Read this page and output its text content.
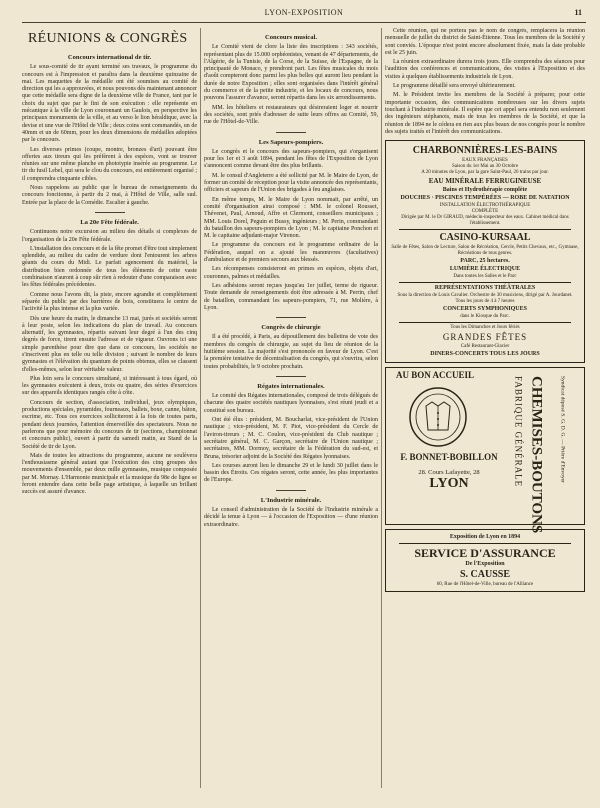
LYON-EXPOSITION	11
RÉUNIONS & CONGRÈS
Concours international de tir.

Le sous-comité de tir ayant terminé ses travaux, le programme du concours est à l'impression et paraîtra dans la deuxième quinzaine de mai. Les maquettes de la médaille ont été soumises au comité de direction qui les a approuvées, et nous pouvons dès maintenant annoncer que cette médaille sera digne de la deuxième ville de France, tant par le choix du sujet que par le fini de son exécution : elle représente en mécanique à la ville de Lyon couronnant un Gaulois, en perspective les principaux monuments de la ville, et au verso le lion héraldique, avec la devise et une vue de l'Hôtel de Ville ; deux coins sont commandés, un de 40mm et un de 60mm, pour les deux dimensions de médailles adoptées par le concours.

Les diverses primes (coupe, montre, bronzes d'art) pouvant être offertes aux tireurs qui les préfèrent à des espèces, vont se trouver réunies sur une même planche en phototypie insérée au programme. Le tir du fusil Lebel, qui sera le clou du concours, est entièrement organisé ; il comprendra cinquante cibles.

Nous rappelons au public que le bureau de renseignements du concours fonctionne, à partir du 2 mai, à l'Hôtel de Ville, salle sud. Entrée par la place de la Comédie. Escalier à gauche.

La 20e Fête fédérale.

Continuons notre excursion au milieu des détails si complexes de l'organisation de la 20e Fête fédérale.

L'installation des concours et de la fête promet d'être tout simplement splendide, au milieu du cadre de verdure dont l'entourent les arbres géants du cours du Midi. Le parfait agencement du matériel, la distribution bien ordonnée de tous les éléments de cette vaste combinaison n'auront à coup sûr rien à redouter d'une comparaison avec les fêtes fédérales précédentes.

Comme nous l'avons dit, la piste, encore agrandie et complètement séparée du public par des barrières de bois, constituera le centre de l'activité la plus intense et la plus variée.

Dès une heure du matin, le dimanche 13 mai, jurés et sociétés seront à leur poste, selon les indications du plan de travail. Au concours alternatif, les gymnastes, répartis suivant leur degré à l'un des cinq degrés de force, tirent ensuite l'adresse et de vigueur. Ouvrons ici une simple parenthèse pour dire que dans ce concours, les sociétés ne s'inscrivent plus en telle ou telle division ; suivant le nombre de leurs gymnastes et l'élévation du quantum de points obtenus, elles se classent d'elles-mêmes, selon leur véritable valeur.

Plus loin sera le concours simultané, si intéressant à tous égard, où les gymnastes exécutent à deux, trois ou quatre, des séries d'exercices sur des appareils identiques rangés côte à côte.

Concours de section, d'association, individuel, jeux olympiques, productions spéciales, pyramides, fourneaux, ballets, boxe, canne, bâton, escrime, etc. Tous ces exercices solliciteront à la fois de toutes parts, pendant deux journées, l'attention émerveillée des spectateurs. Nous ne parlerons que pour mémoire du concours de tir (sections, championnat et concours public), ouvert à partir du samedi matin, au Stand de la Société de tir de Lyon.

Mais de toutes les attractions du programme, aucune ne soulèvera l'enthousiasme général autant que l'exécution des cinq groupes des mouvements d'ensemble, par deux mille gymnastes, musique composée par M. Mornay. L'Harmonie municipale et la musique du 98e de ligne se feront entendre dans cette belle page artistique, à laquelle un brillant succès est assuré d'avance.

Concours musical.

Le Comité vient de clore la liste des inscriptions : 343 sociétés, représentant plus de 15.000 orphéonistes, venant de 47 départements, de l'Algérie, de la Tunisie, de la Corse, de la Suisse, de l'Espagne, de la principauté de Monaco, y prendront part. Les fêtes musicales du mois d'août compteront donc parmi les plus belles qui auront lieu pendant la durée de notre Exposition ; elles sont organisées dans l'intérêt général du commerce et de la petite industrie, et les locaux de concours, nous pouvons l'assurer d'avance, seront répartis dans les six arrondissements.

MM. les hôteliers et restaurateurs qui désireraient loger et nourrir des sociétés, sont priés d'adresser de suite leurs offres au Comité, 59, rue de l'Hôtel-de-Ville.

Les Sapeurs-pompiers.

Le congrès et le concours des sapeurs-pompiers, qui s'organisent pour les 1er et 3 août 1894, pendant les fêtes de l'Exposition de Lyon s'annoncent comme devant être des plus brillants.

M. le consul d'Angleterre a été sollicité par M. le Maire de Lyon, de former un comité de réception pour la visite annoncée des représentants, officiers et sapeurs de l'Union des brigades à feu anglaises.

En même temps, M. le Maire de Lyon nommait, par arrêté, un comité d'organisation ainsi composé : MM. le colonel Rousset, Thévenet, Paul, Arnoud, Affre et Clermont, conseillers municipaux ; MM. Louis Dorel, Peguin et Bussy, ingénieurs ; M. Perin, commandant du bataillon des sapeurs-pompiers de Lyon ; M. le capitaine Ponchon et M. le capitaine adjudant-major Virenon.

Le programme du concours est le programme ordinaire de la Fédération, auquel on a ajouté les manœuvres (facultatives) d'ambulance et de premiers secours aux blessés.

Les récompenses consisteront en primes en espèces, objets d'art, couronnes, palmes et médailles.

Les adhésions seront reçues jusqu'au 1er juillet, terme de rigueur. Toute demande de renseignements doit être adressée à M. Perrin, chef de bataillon, commandant les sapeurs-pompiers, 71, rue Molière, à Lyon.

Congrès de chirurgie

Il a été procédé, à Paris, au dépouillement des bulletins de vote des membres du congrès de chirurgie, au sujet du lieu de réunion de la huitième session. La majorité s'est prononcée en faveur de Lyon. C'est la première tentative de décentralisation du congrès, qui s'ouvrira, selon toutes probabilités, le 9 octobre prochain.

Régates internationales.

Le comité des Régates internationales, composé de trois délégués de chacune des quatre sociétés nautiques lyonnaises, s'est réuni jeudi et a constitué son bureau.

Ont été élus : président, M. Boucharlat, vice-président de l'Union nautique ; vice-président, M. F. Piot, vice-président du Cercle de l'aviron-tireurs ; M. C. Coulon, vice-président du Club nautique ; secrétaire général, M. C. Garçon, secrétaire de l'Union nautique ; secrétaires, MM. Dormoy, secrétaire de la Fédération du sud-est, et Bruna, trésorier adjoint de la Société des Régates lyonnaises.

Les courses auront lieu le dimanche 29 et le lundi 30 juillet dans le bassin des Étroits. Ces régates seront, cette année, les plus importantes de l'Europe.

L'Industrie minérale.

Le conseil d'administration de la Société de l'Industrie minérale a décidé la tenue à Lyon — à l'occasion de l'Exposition — d'une réunion extraordinaire.

Cette réunion, qui ne portera pas le nom de congrès, remplacera la réunion mensuelle de juillet du district de Saint-Étienne. Tous les membres de la Société y sont conviés. L'époque n'est point encore absolument fixée, mais la date probable est le 25 juin.

La réunion extraordinaire durera trois jours. Elle comprendra des séances pour l'audition des conférences et communications, des visites à l'Exposition et des visites à quelques établissements industriels de Lyon.

Le programme détaillé sera envoyé ultérieurement.

M. le Président invite les membres de la Société à préparer, pour cette importante occasion, des communications nombreuses sur les divers sujets touchant à l'industrie minérale. Il espère que cet appel sera entendu non seulement des ingénieurs stéphanois, mais de tous les membres de la Société, et que la réunion de 1894 ne le cédera en rien aux plus beaux de nos congrès pour le nombre des sujets traités et l'intérêt des communications.

CHARBONNIÈRES-LES-BAINS
EAUX FRANÇAISES
Saison du 1er Mai au 30 Octobre
A 20 minutes de Lyon, par la gare Saint-Paul, 26 trains par jour.
EAU MINÉRALE FERRUGINEUSE
Bains et Hydrothérapie complète
DOUCHES · PISCINES TEMPÉRÉES — ROBE DE NATATION
INSTALLATION ÉLECTROTHÉRAPIQUE
COMPLÈTE
Dirigée par M. le Dr GIRAUD, médecin-inspecteur des eaux. Cabinet médical dans l'établissement.
CASINO-KURSAAL
Salle de Fêtes, Salon de Lecture, Salon de Récréation, Cercle, Petits Chevaux, etc., Gymnase, Récréations de tous genres.
PARC, 25 hectares.
LUMIÈRE ÉLECTRIQUE
Dans toutes les Salles et le Parc
REPRÉSENTATIONS THÉÂTRALES
Sous la direction de Louis Cavalier. Orchestre de 30 musiciens, dirigé par A. Jourdanet.
Tous les jours de 4 à 7 heures
CONCERTS SYMPHONIQUES
dans le Kiosque du Parc.
Tous les Dimanches et Jours fériés
GRANDES FÊTES
Café Restaurant-Glacier
DINERS-CONCERTS TOUS LES JOURS
AU BON ACCUEIL
F. BONNET-BOBILLON
28. Cours Lafayette, 28
LYON	FABRIQUE GÉNÉRALE CHEMISES-BOUTONS	Syndicat déposé S. G. D. G. — Prière d'Envoyer
Exposition de Lyon en 1894
SERVICE D'ASSURANCE
De l'Exposition
S. CAUSSE
60, Rue de l'Hôtel-de-Ville, bureau de l'Alliance
